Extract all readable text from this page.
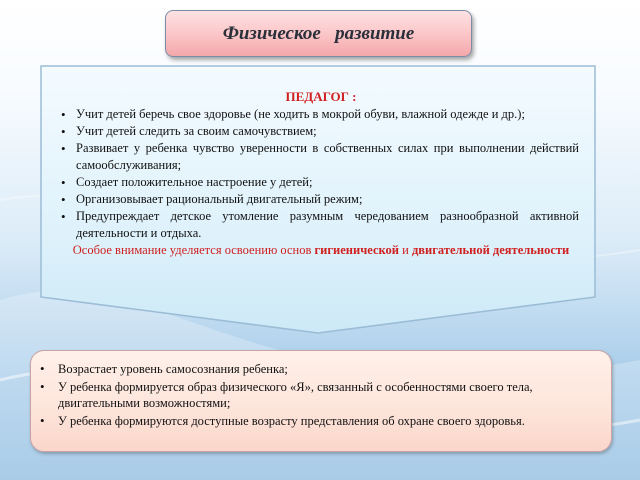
Физическое   развитие
ПЕДАГОГ :
• Учит детей беречь свое здоровье (не ходить в мокрой обуви, влажной одежде и др.);
• Учит детей следить за своим самочувствием;
• Развивает у ребенка чувство уверенности в собственных силах при выполнении действий самообслуживания;
• Создает положительное настроение у детей;
• Организовывает рациональный двигательный режим;
• Предупреждает детское утомление разумным чередованием разнообразной активной деятельности и отдыха.
Особое внимание уделяется освоению основ гигиенической и двигательной деятельности
• Возрастает уровень самосознания ребенка;
• У ребенка формируется образ физического «Я», связанный с особенностями своего тела, двигательными возможностями;
• У ребенка формируются доступные возрасту представления об охране своего здоровья.
